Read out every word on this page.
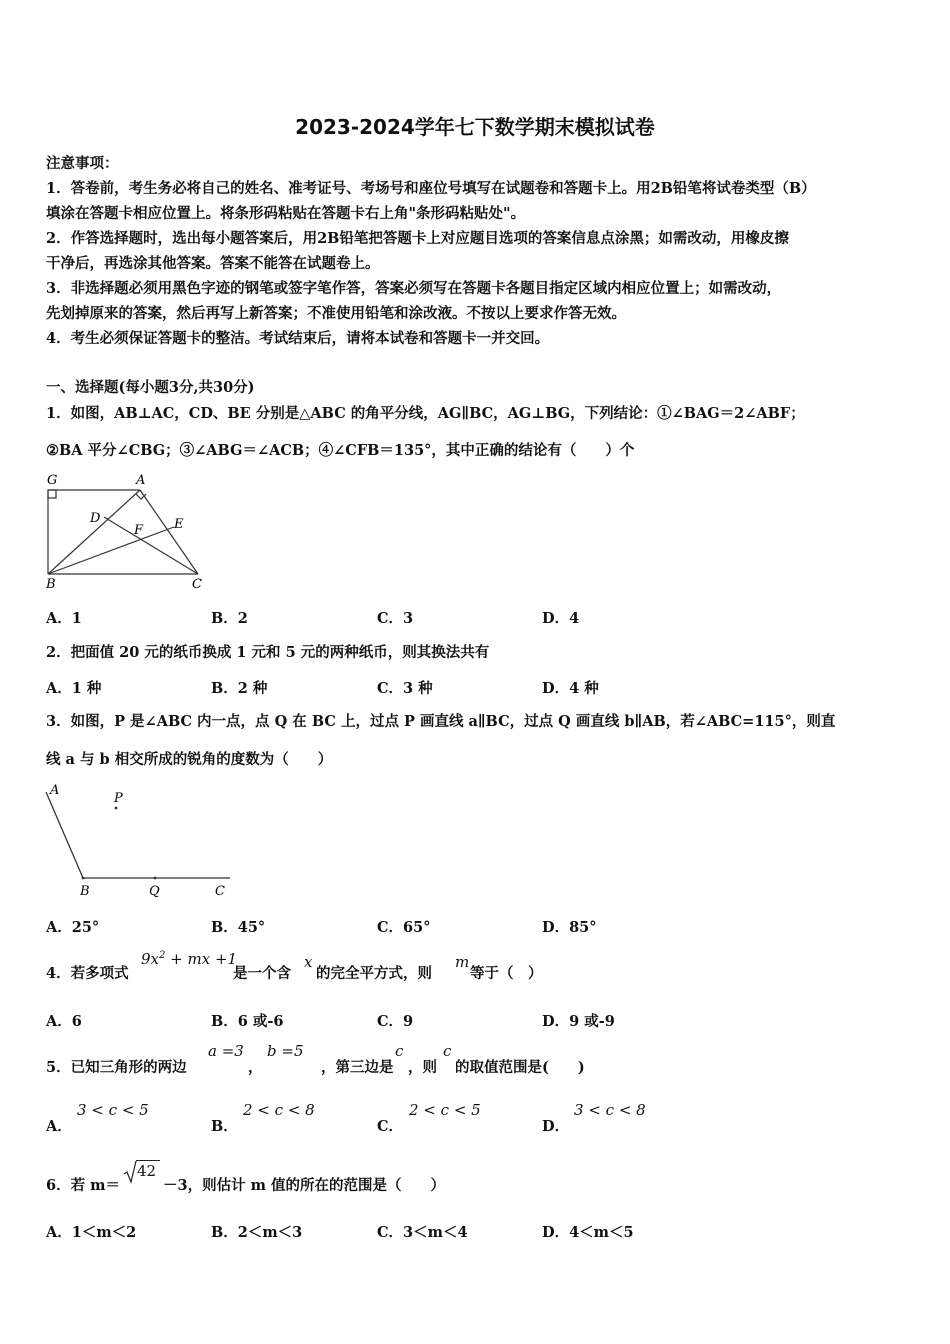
2023-2024学年七下数学期末模拟试卷
注意事项：
1．答卷前，考生务必将自己的姓名、准考证号、考场号和座位号填写在试题卷和答题卡上。用2B铅笔将试卷类型（B）
填涂在答题卡相应位置上。将条形码粘贴在答题卡右上角"条形码粘贴处"。
2．作答选择题时，选出每小题答案后，用2B铅笔把答题卡上对应题目选项的答案信息点涂黑；如需改动，用橡皮擦
干净后，再选涂其他答案。答案不能答在试题卷上。
3．非选择题必须用黑色字迹的钢笔或签字笔作答，答案必须写在答题卡各题目指定区域内相应位置上；如需改动，
先划掉原来的答案，然后再写上新答案；不准使用铅笔和涂改液。不按以上要求作答无效。
4．考生必须保证答题卡的整洁。考试结束后，请将本试卷和答题卡一并交回。
一、选择题(每小题3分,共30分)
1．如图，AB⊥AC，CD、BE 分别是△ABC 的角平分线，AG∥BC，AG⊥BG，下列结论：①∠BAG＝2∠ABF；
②BA 平分∠CBG；③∠ABG＝∠ACB；④∠CFB＝135°，其中正确的结论有（　　）个
G	A
D
F E
B	C
A．1	B．2	C．3	D．4
2．把面值 20 元的纸币换成 1 元和 5 元的两种纸币，则其换法共有
A．1 种	B．2 种	C．3 种	D．4 种
3．如图，P 是∠ABC 内一点，点 Q 在 BC 上，过点 P 画直线 a∥BC，过点 Q 画直线 b∥AB，若∠ABC=115°，则直
线 a 与 b 相交所成的锐角的度数为（　　）
A
P
B	Q	C
A．25°	B．45°	C．65°	D．85°
4．若多项式
$9x^2$ + mx +1
是一个含
x
的完全平方式，则
m
等于（　）
A．6	B．6 或-6	C．9	D．9 或-9
5．已知三角形的两边
a =3
，
b =5
，第三边是
c
，则
c
的取值范围是(　　)
A．
3 < c < 5
B．
2 < c < 8
C．
2 < c < 5
D．
3 < c < 8
6．若 m＝
42
－3，则估计 m 值的所在的范围是（　　）
A．1＜m＜2	B．2＜m＜3	C．3＜m＜4	D．4＜m＜5
